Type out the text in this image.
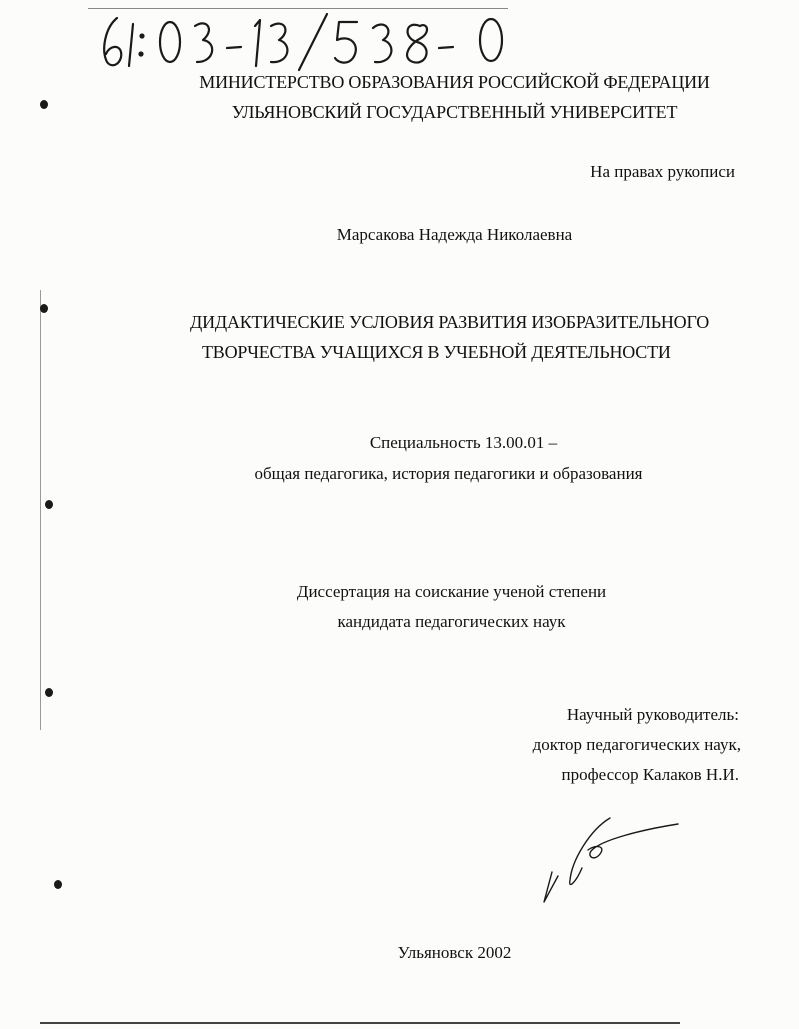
МИНИСТЕРСТВО ОБРАЗОВАНИЯ РОССИЙСКОЙ ФЕДЕРАЦИИ
УЛЬЯНОВСКИЙ ГОСУДАРСТВЕННЫЙ УНИВЕРСИТЕТ
На правах рукописи
Марсакова Надежда Николаевна
ДИДАКТИЧЕСКИЕ УСЛОВИЯ РАЗВИТИЯ ИЗОБРАЗИТЕЛЬНОГО
ТВОРЧЕСТВА УЧАЩИХСЯ В УЧЕБНОЙ ДЕЯТЕЛЬНОСТИ
Специальность 13.00.01 –
общая педагогика, история педагогики и образования
Диссертация на соискание ученой степени
кандидата педагогических наук
Научный руководитель:
доктор педагогических наук,
профессор Калаков Н.И.
Ульяновск 2002
